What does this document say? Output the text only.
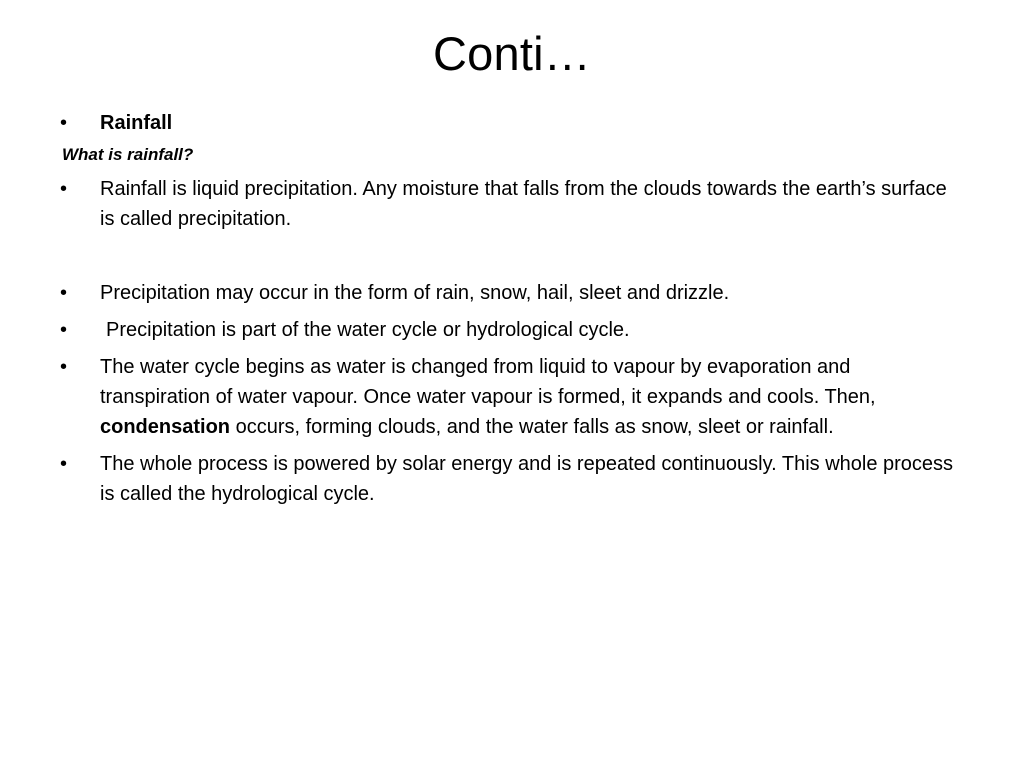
Conti…
•	Rainfall
What is rainfall?
•	Rainfall is liquid precipitation. Any moisture that falls from the clouds towards the earth’s surface is called precipitation.
•	Precipitation may occur in the form of rain, snow, hail, sleet and drizzle.
•	Precipitation is part of the water cycle or hydrological cycle.
•	The water cycle begins as water is changed from liquid to vapour by evaporation and transpiration of water vapour. Once water vapour is formed, it expands and cools. Then, condensation occurs, forming clouds, and the water falls as snow, sleet or rainfall.
•	The whole process is powered by solar energy and is repeated continuously. This whole process is called the hydrological cycle.
